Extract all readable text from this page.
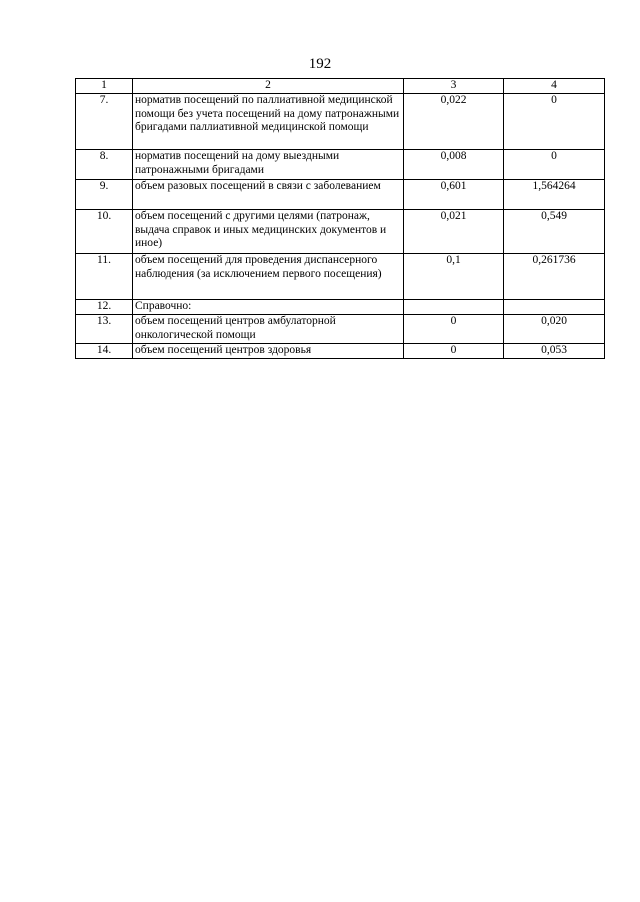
192
1	2	3	4
7.	норматив посещений по паллиативной медицинской помощи без учета посещений на дому патронажными бригадами паллиативной медицинской помощи	0,022	0
8.	норматив посещений на дому выездными патронажными бригадами	0,008	0
9.	объем разовых посещений в связи с заболеванием	0,601	1,564264
10.	объем посещений с другими целями (патронаж, выдача справок и иных медицинских документов и иное)	0,021	0,549
11.	объем посещений для проведения диспансерного наблюдения (за исключением первого посещения)	0,1	0,261736
12.	Справочно:		
13.	объем посещений центров амбулаторной онкологической помощи	0	0,020
14.	объем посещений центров здоровья	0	0,053
